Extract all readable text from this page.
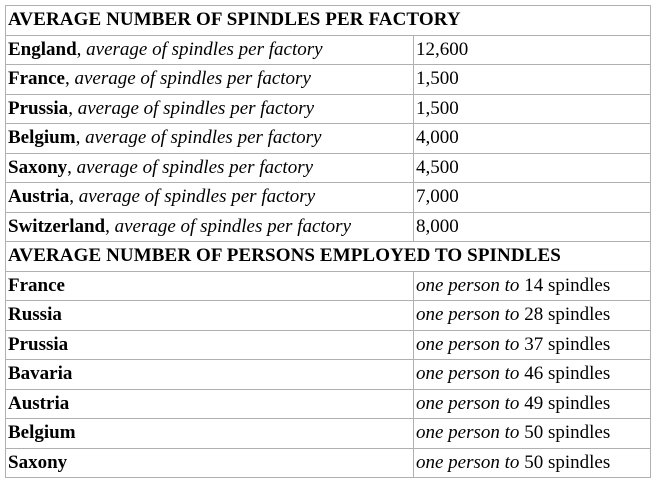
AVERAGE NUMBER OF SPINDLES PER FACTORY	
England, average of spindles per factory	12,600
France, average of spindles per factory	1,500
Prussia, average of spindles per factory	1,500
Belgium, average of spindles per factory	4,000
Saxony, average of spindles per factory	4,500
Austria, average of spindles per factory	7,000
Switzerland, average of spindles per factory	8,000
AVERAGE NUMBER OF PERSONS EMPLOYED TO SPINDLES	
France	one person to 14 spindles
Russia	one person to 28 spindles
Prussia	one person to 37 spindles
Bavaria	one person to 46 spindles
Austria	one person to 49 spindles
Belgium	one person to 50 spindles
Saxony	one person to 50 spindles
